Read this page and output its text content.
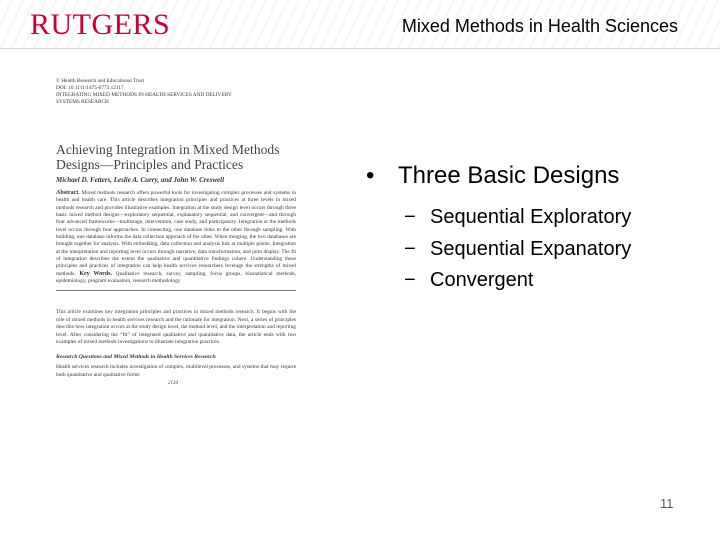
RUTGERS	Mixed Methods in Health Sciences
© Health Research and Educational Trust
DOI: 10.1111/1475-6773.12117
INTEGRATING MIXED METHODS IN HEALTH SERVICES AND DELIVERY
SYSTEMS RESEARCH
Achieving Integration in Mixed Methods Designs—Principles and Practices
Michael D. Fetters, Leslie A. Curry, and John W. Creswell
Abstract. Mixed methods research offers powerful tools for investigating complex processes and systems in health and health care. This article describes integration principles and practices at three levels in mixed methods research and provides illustrative examples. Integration at the study design level occurs through three basic mixed method designs—exploratory sequential, explanatory sequential, and convergent—and through four advanced frameworks—multistage, intervention, case study, and participatory. Integration at the methods level occurs through four approaches. In connecting, one database links to the other through sampling. With building, one database informs the data collection approach of the other. When merging, the two databases are brought together for analysis. With embedding, data collection and analysis link at multiple points. Integration at the interpretation and reporting level occurs through narrative, data transformation, and joint display. The fit of integration describes the extent the qualitative and quantitative findings cohere. Understanding these principles and practices of integration can help health services researchers leverage the strengths of mixed methods. Key Words. Qualitative research, survey, sampling, focus groups, biostatistical methods, epidemiology, program evaluation, research methodology
This article examines key integration principles and practices in mixed methods research. It begins with the role of mixed methods in health services research and the rationale for integration. Next, a series of principles describe how integration occurs at the study design level, the method level, and the interpretation and reporting level. After considering the “fit” of integrated qualitative and quantitative data, the article ends with two examples of mixed methods investigations to illustrate integration practices.
Research Questions and Mixed Methods in Health Services Research
Health services research includes investigation of complex, multilevel processes, and systems that may require both quantitative and qualitative forms
2134
• Three Basic Designs
− Sequential Exploratory
− Sequential Expanatory
− Convergent
11
